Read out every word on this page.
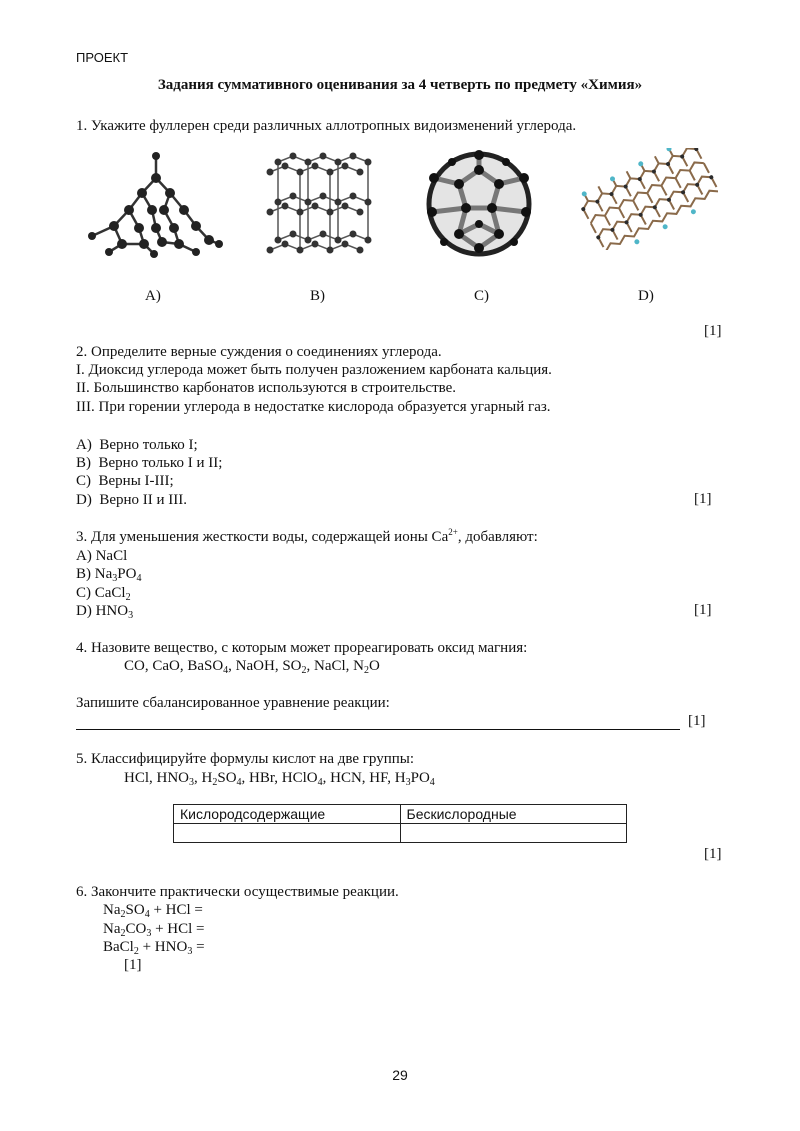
ПРОЕКТ
Задания суммативного оценивания за 4 четверть по предмету «Химия»
1. Укажите фуллерен среди различных аллотропных видоизменений углерода.
A)	B)	C)	D)
[1]
2. Определите верные суждения о соединениях углерода.
I. Диоксид углерода может быть получен разложением карбоната кальция.
II. Большинство карбонатов используются в строительстве.
III. При горении углерода в недостатке кислорода образуется угарный газ.
A)  Верно только I;
B)  Верно только I и II;
C)  Верны I-III;
D)  Верно II и III.	[1]
3. Для уменьшения жесткости воды, содержащей ионы $Ca^{2+}$, добавляют:
A) NaCl
B) $Na_3PO_4$
C) CaCl$_2$
D) $HNO_3$	[1]
4. Назовите вещество, с которым может прореагировать оксид магния:
CO, CaO, BaSO$_4$, NaOH, $SO_2$, NaCl, $N_2O$
Запишите сбалансированное уравнение реакции:
[1]
5. Классифицируйте формулы кислот на две группы:
HCl, $HNO_3$, $H_2SO_4$, HBr, HClO$_4$, HCN, HF, $H_3PO_4$
Кислородсодержащие	Бескислородные

[1]
6. Закончите практически осуществимые реакции.
$Na_2SO_4$ + HCl =
$Na_2CO_3$ + HCl =
BaCl$_2$ + $HNO_3$ =
[1]
29
